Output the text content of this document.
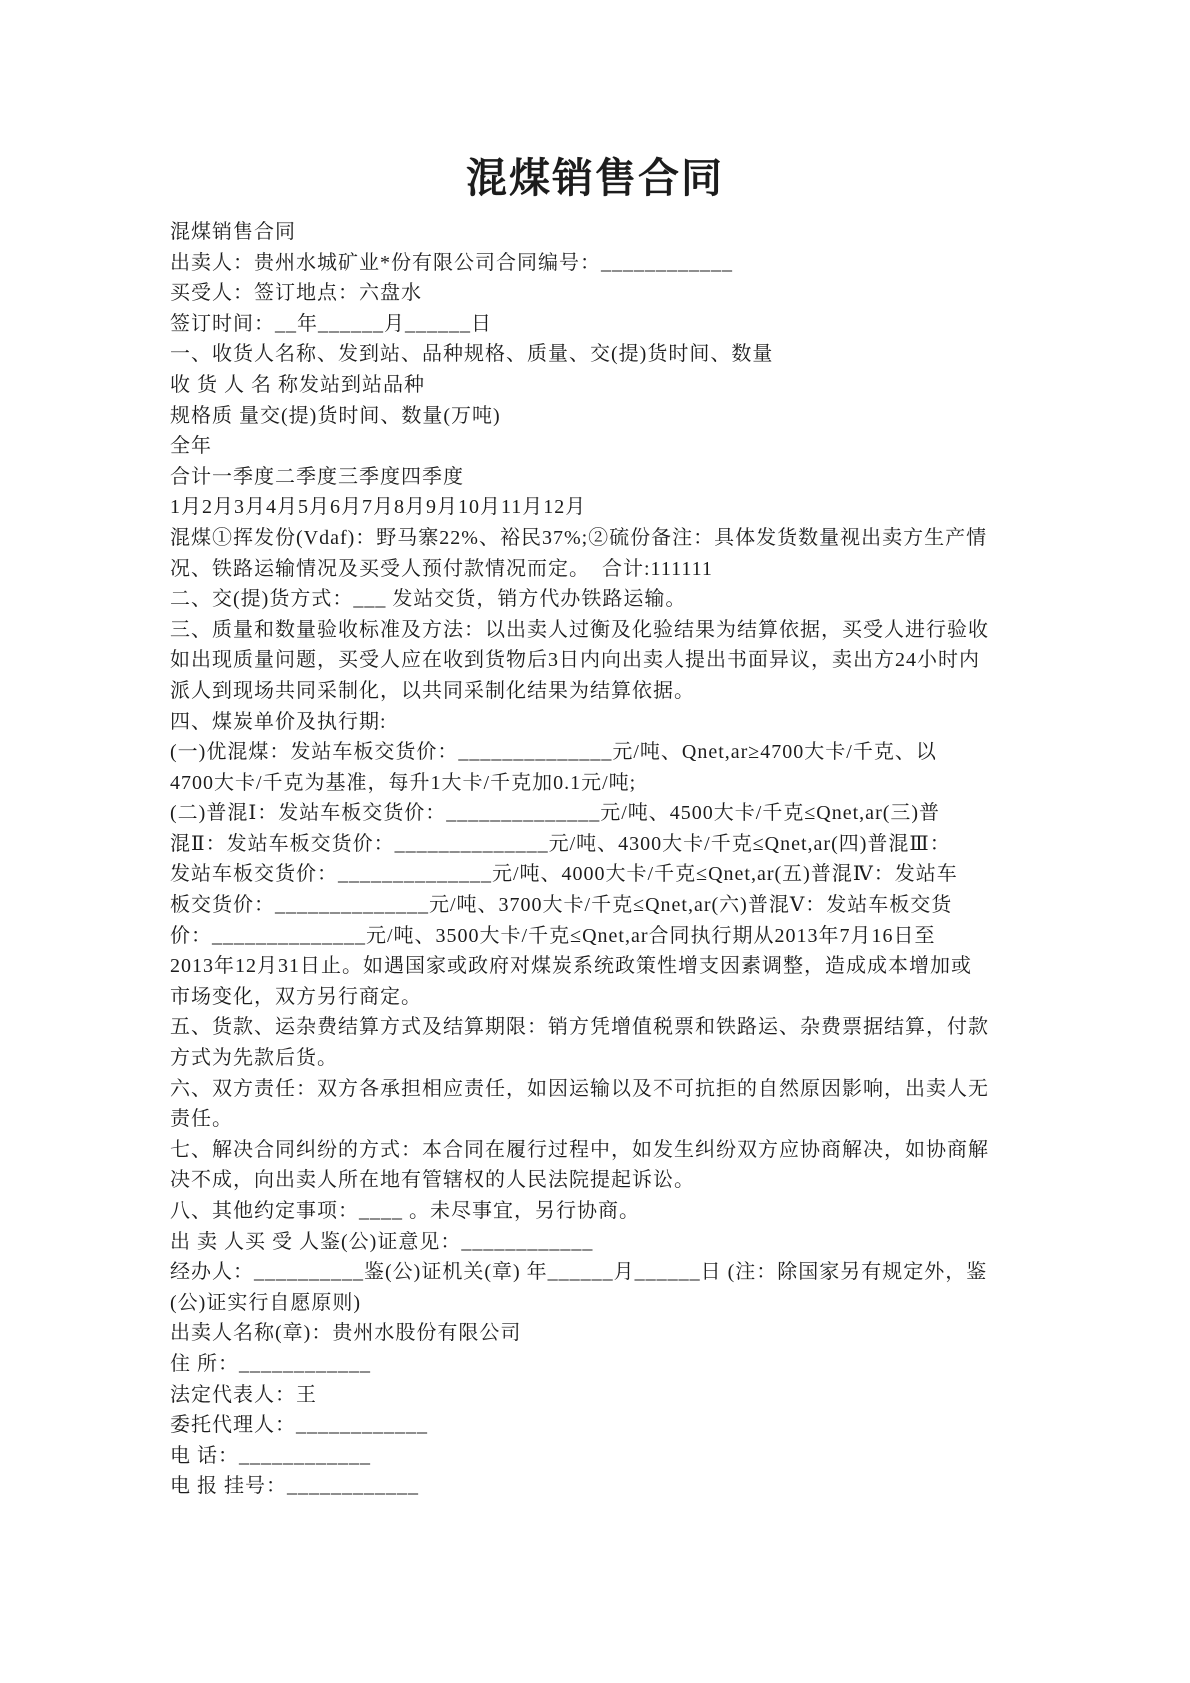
混煤销售合同
混煤销售合同
出卖人：贵州水城矿业*份有限公司合同编号：____________
买受人：签订地点：六盘水
签订时间：__年______月______日
一、收货人名称、发到站、品种规格、质量、交(提)货时间、数量
收 货 人 名 称发站到站品种
规格质 量交(提)货时间、数量(万吨)
全年
合计一季度二季度三季度四季度
1月2月3月4月5月6月7月8月9月10月11月12月
混煤①挥发份(Vdaf)：野马寨22%、裕民37%;②硫份备注：具体发货数量视出卖方生产情
况、铁路运输情况及买受人预付款情况而定。  合计:111111
二、交(提)货方式：___ 发站交货，销方代办铁路运输。
三、质量和数量验收标准及方法：以出卖人过衡及化验结果为结算依据，买受人进行验收
如出现质量问题，买受人应在收到货物后3日内向出卖人提出书面异议，卖出方24小时内
派人到现场共同采制化，以共同采制化结果为结算依据。
四、煤炭单价及执行期:
(一)优混煤：发站车板交货价：______________元/吨、Qnet,ar≥4700大卡/千克、以
4700大卡/千克为基准，每升1大卡/千克加0.1元/吨;
(二)普混Ⅰ：发站车板交货价：______________元/吨、4500大卡/千克≤Qnet,ar(三)普
混Ⅱ：发站车板交货价：______________元/吨、4300大卡/千克≤Qnet,ar(四)普混Ⅲ：
发站车板交货价：______________元/吨、4000大卡/千克≤Qnet,ar(五)普混Ⅳ：发站车
板交货价：______________元/吨、3700大卡/千克≤Qnet,ar(六)普混Ⅴ：发站车板交货
价：______________元/吨、3500大卡/千克≤Qnet,ar合同执行期从2013年7月16日至
2013年12月31日止。如遇国家或政府对煤炭系统政策性增支因素调整，造成成本增加或
市场变化，双方另行商定。
五、货款、运杂费结算方式及结算期限：销方凭增值税票和铁路运、杂费票据结算，付款
方式为先款后货。
六、双方责任：双方各承担相应责任，如因运输以及不可抗拒的自然原因影响，出卖人无
责任。
七、解决合同纠纷的方式：本合同在履行过程中，如发生纠纷双方应协商解决，如协商解
决不成，向出卖人所在地有管辖权的人民法院提起诉讼。
八、其他约定事项：____ 。未尽事宜，另行协商。
出 卖 人买 受 人鉴(公)证意见：____________
经办人：__________鉴(公)证机关(章) 年______月______日 (注：除国家另有规定外，鉴
(公)证实行自愿原则)
出卖人名称(章)：贵州水股份有限公司
住 所：____________
法定代表人：王
委托代理人：____________
电 话：____________
电 报 挂号：____________
